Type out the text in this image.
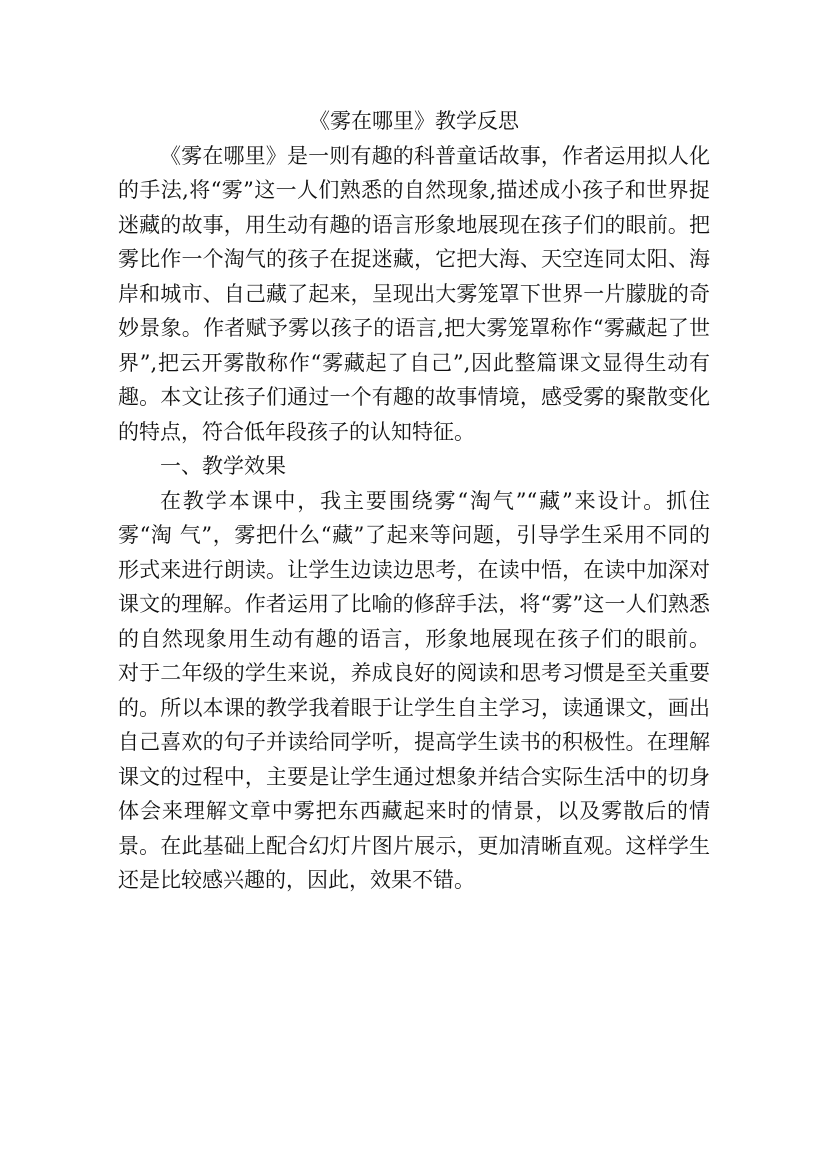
《雾在哪里》教学反思

《雾在哪里》是一则有趣的科普童话故事，作者运用拟人化的手法,将“雾”这一人们熟悉的自然现象,描述成小孩子和世界捉迷藏的故事，用生动有趣的语言形象地展现在孩子们的眼前。把雾比作一个淘气的孩子在捉迷藏，它把大海、天空连同太阳、海岸和城市、自己藏了起来，呈现出大雾笼罩下世界一片朦胧的奇妙景象。作者赋予雾以孩子的语言,把大雾笼罩称作“雾藏起了世界”,把云开雾散称作“雾藏起了自己”,因此整篇课文显得生动有趣。本文让孩子们通过一个有趣的故事情境，感受雾的聚散变化的特点，符合低年段孩子的认知特征。

一、教学效果

在教学本课中，我主要围绕雾“淘气”“藏”来设计。抓住雾“淘 气”，雾把什么“藏”了起来等问题，引导学生采用不同的形式来进行朗读。让学生边读边思考，在读中悟，在读中加深对课文的理解。作者运用了比喻的修辞手法，将“雾”这一人们熟悉的自然现象用生动有趣的语言，形象地展现在孩子们的眼前。 对于二年级的学生来说，养成良好的阅读和思考习惯是至关重要的。所以本课的教学我着眼于让学生自主学习，读通课文，画出自己喜欢的句子并读给同学听，提高学生读书的积极性。在理解课文的过程中，主要是让学生通过想象并结合实际生活中的切身体会来理解文章中雾把东西藏起来时的情景，以及雾散后的情景。在此基础上配合幻灯片图片展示，更加清晰直观。这样学生还是比较感兴趣的，因此，效果不错。
